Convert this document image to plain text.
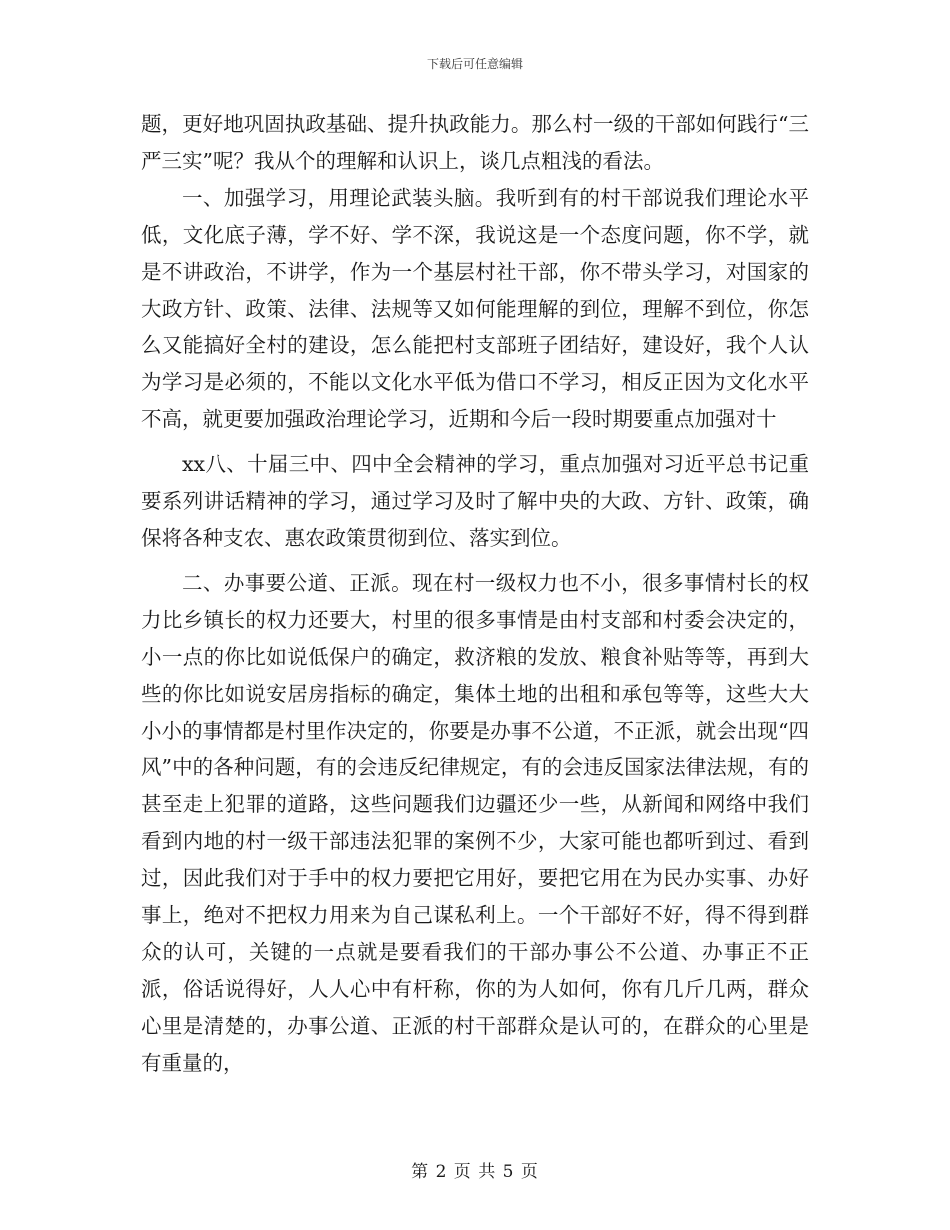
下载后可任意编辑

题，更好地巩固执政基础、提升执政能力。那么村一级的干部如何践行“三严三实”呢？我从个的理解和认识上，谈几点粗浅的看法。

一、加强学习，用理论武装头脑。我听到有的村干部说我们理论水平低，文化底子薄，学不好、学不深，我说这是一个态度问题，你不学，就是不讲政治，不讲学，作为一个基层村社干部，你不带头学习，对国家的大政方针、政策、法律、法规等又如何能理解的到位，理解不到位，你怎么又能搞好全村的建设，怎么能把村支部班子团结好，建设好，我个人认为学习是必须的，不能以文化水平低为借口不学习，相反正因为文化水平不高，就更要加强政治理论学习，近期和今后一段时期要重点加强对十

xx八、十届三中、四中全会精神的学习，重点加强对习近平总书记重要系列讲话精神的学习，通过学习及时了解中央的大政、方针、政策，确保将各种支农、惠农政策贯彻到位、落实到位。

二、办事要公道、正派。现在村一级权力也不小，很多事情村长的权力比乡镇长的权力还要大，村里的很多事情是由村支部和村委会决定的，小一点的你比如说低保户的确定，救济粮的发放、粮食补贴等等，再到大些的你比如说安居房指标的确定，集体土地的出租和承包等等，这些大大小小的事情都是村里作决定的，你要是办事不公道，不正派，就会出现“四风”中的各种问题，有的会违反纪律规定，有的会违反国家法律法规，有的甚至走上犯罪的道路，这些问题我们边疆还少一些，从新闻和网络中我们看到内地的村一级干部违法犯罪的案例不少，大家可能也都听到过、看到过，因此我们对于手中的权力要把它用好，要把它用在为民办实事、办好事上，绝对不把权力用来为自己谋私利上。一个干部好不好，得不得到群众的认可，关键的一点就是要看我们的干部办事公不公道、办事正不正派，俗话说得好，人人心中有杆称，你的为人如何，你有几斤几两，群众心里是清楚的，办事公道、正派的村干部群众是认可的，在群众的心里是有重量的，

第 2 页 共 5 页
